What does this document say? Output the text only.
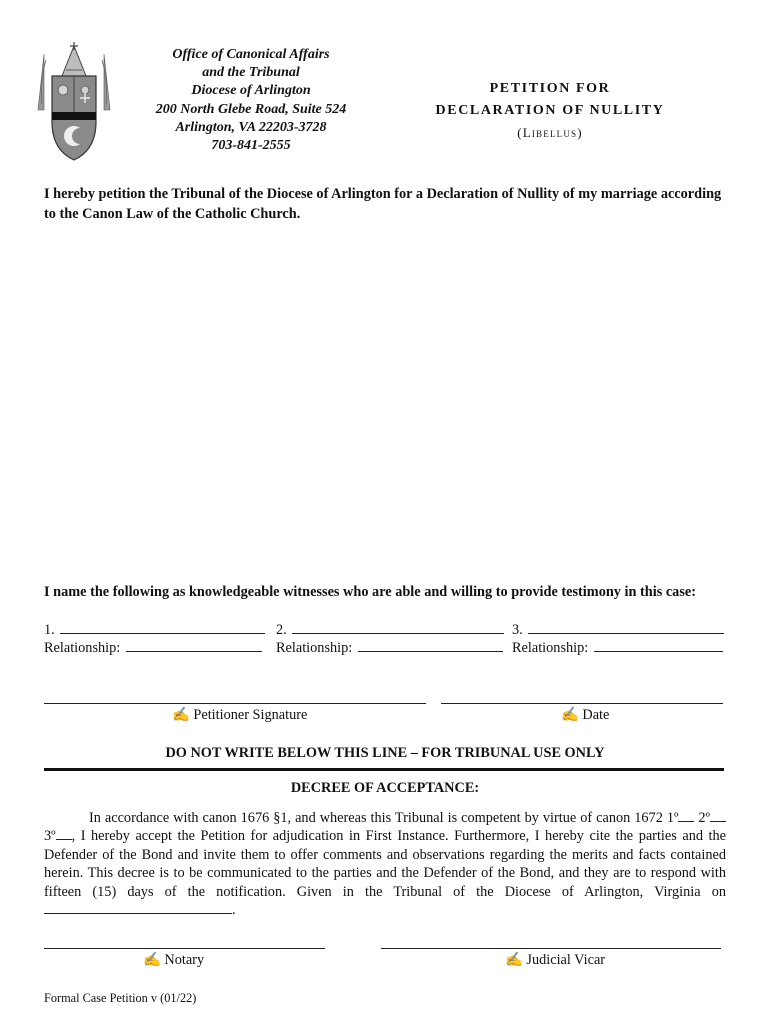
Office of Canonical Affairs
and the Tribunal
Diocese of Arlington
200 North Glebe Road, Suite 524
Arlington, VA 22203-3728
703-841-2555
PETITION FOR
DECLARATION OF NULLITY
(Libellus)
I hereby petition the Tribunal of the Diocese of Arlington for a Declaration of Nullity of my marriage according to the Canon Law of the Catholic Church.
I name the following as knowledgeable witnesses who are able and willing to provide testimony in this case:
1.	2.	3.
Relationship:	Relationship:	Relationship:
✍ Petitioner Signature	✍ Date
DO NOT WRITE BELOW THIS LINE – FOR TRIBUNAL USE ONLY
DECREE OF ACCEPTANCE:
In accordance with canon 1676 §1, and whereas this Tribunal is competent by virtue of canon 1672 1º 2º 3º , I hereby accept the Petition for adjudication in First Instance. Furthermore, I hereby cite the parties and the Defender of the Bond and invite them to offer comments and observations regarding the merits and facts contained herein. This decree is to be communicated to the parties and the Defender of the Bond, and they are to respond with fifteen (15) days of the notification. Given in the Tribunal of the Diocese of Arlington, Virginia on .
✍ Notary	✍ Judicial Vicar
Formal Case Petition v (01/22)
